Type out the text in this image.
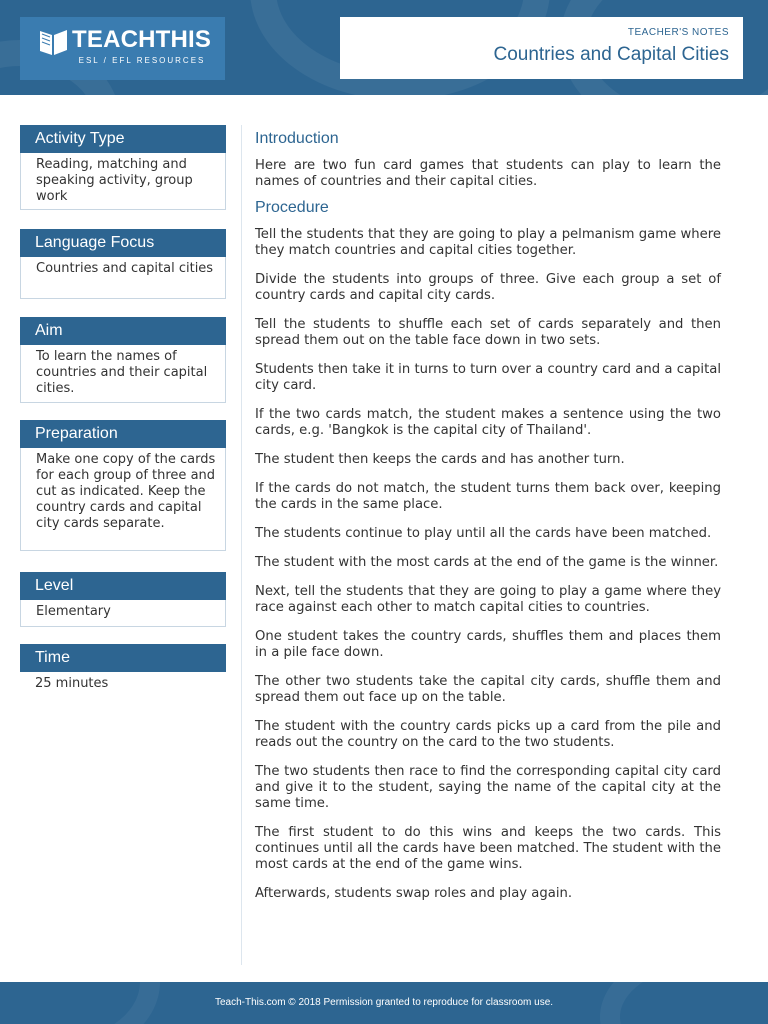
TEACHTHIS
ESL / EFL RESOURCES
TEACHER'S NOTES
Countries and Capital Cities
Activity Type
Reading, matching and speaking activity, group work
Language Focus
Countries and capital cities
Aim
To learn the names of countries and their capital cities.
Preparation
Make one copy of the cards for each group of three and cut as indicated. Keep the country cards and capital city cards separate.
Level
Elementary
Time
25 minutes
Introduction
Here are two fun card games that students can play to learn the names of countries and their capital cities.
Procedure
Tell the students that they are going to play a pelmanism game where they match countries and capital cities together.
Divide the students into groups of three. Give each group a set of country cards and capital city cards.
Tell the students to shuffle each set of cards separately and then spread them out on the table face down in two sets.
Students then take it in turns to turn over a country card and a capital city card.
If the two cards match, the student makes a sentence using the two cards, e.g. 'Bangkok is the capital city of Thailand'.
The student then keeps the cards and has another turn.
If the cards do not match, the student turns them back over, keeping the cards in the same place.
The students continue to play until all the cards have been matched.
The student with the most cards at the end of the game is the winner.
Next, tell the students that they are going to play a game where they race against each other to match capital cities to countries.
One student takes the country cards, shuffles them and places them in a pile face down.
The other two students take the capital city cards, shuffle them and spread them out face up on the table.
The student with the country cards picks up a card from the pile and reads out the country on the card to the two students.
The two students then race to find the corresponding capital city card and give it to the student, saying the name of the capital city at the same time.
The first student to do this wins and keeps the two cards. This continues until all the cards have been matched. The student with the most cards at the end of the game wins.
Afterwards, students swap roles and play again.
Teach-This.com © 2018 Permission granted to reproduce for classroom use.
